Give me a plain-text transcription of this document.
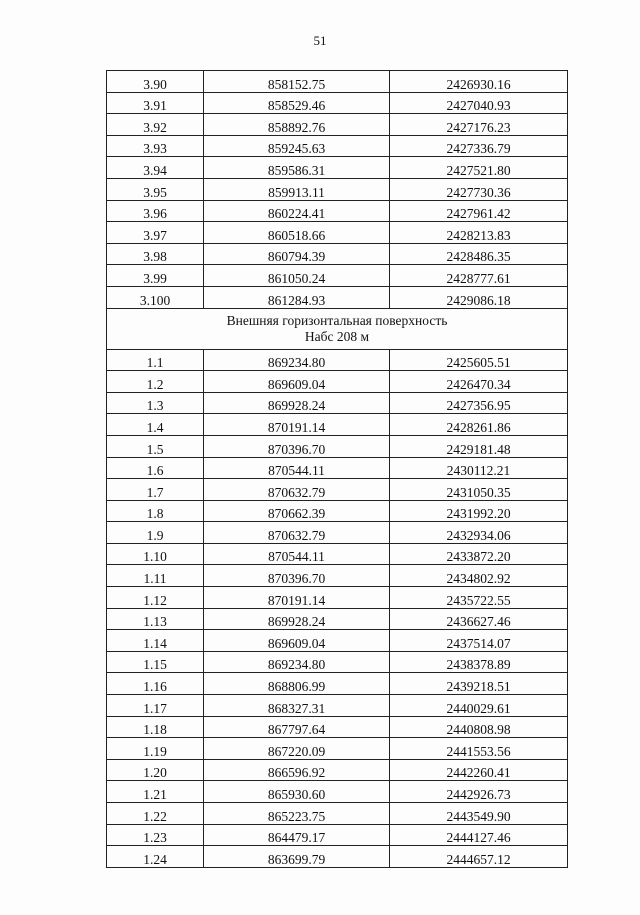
51
3.90	858152.75	2426930.16
3.91	858529.46	2427040.93
3.92	858892.76	2427176.23
3.93	859245.63	2427336.79
3.94	859586.31	2427521.80
3.95	859913.11	2427730.36
3.96	860224.41	2427961.42
3.97	860518.66	2428213.83
3.98	860794.39	2428486.35
3.99	861050.24	2428777.61
3.100	861284.93	2429086.18

Внешняя горизонтальная поверхность
Набс 208 м		

1.1	869234.80	2425605.51
1.2	869609.04	2426470.34
1.3	869928.24	2427356.95
1.4	870191.14	2428261.86
1.5	870396.70	2429181.48
1.6	870544.11	2430112.21
1.7	870632.79	2431050.35
1.8	870662.39	2431992.20
1.9	870632.79	2432934.06
1.10	870544.11	2433872.20
1.11	870396.70	2434802.92
1.12	870191.14	2435722.55
1.13	869928.24	2436627.46
1.14	869609.04	2437514.07
1.15	869234.80	2438378.89
1.16	868806.99	2439218.51
1.17	868327.31	2440029.61
1.18	867797.64	2440808.98
1.19	867220.09	2441553.56
1.20	866596.92	2442260.41
1.21	865930.60	2442926.73
1.22	865223.75	2443549.90
1.23	864479.17	2444127.46
1.24	863699.79	2444657.12
